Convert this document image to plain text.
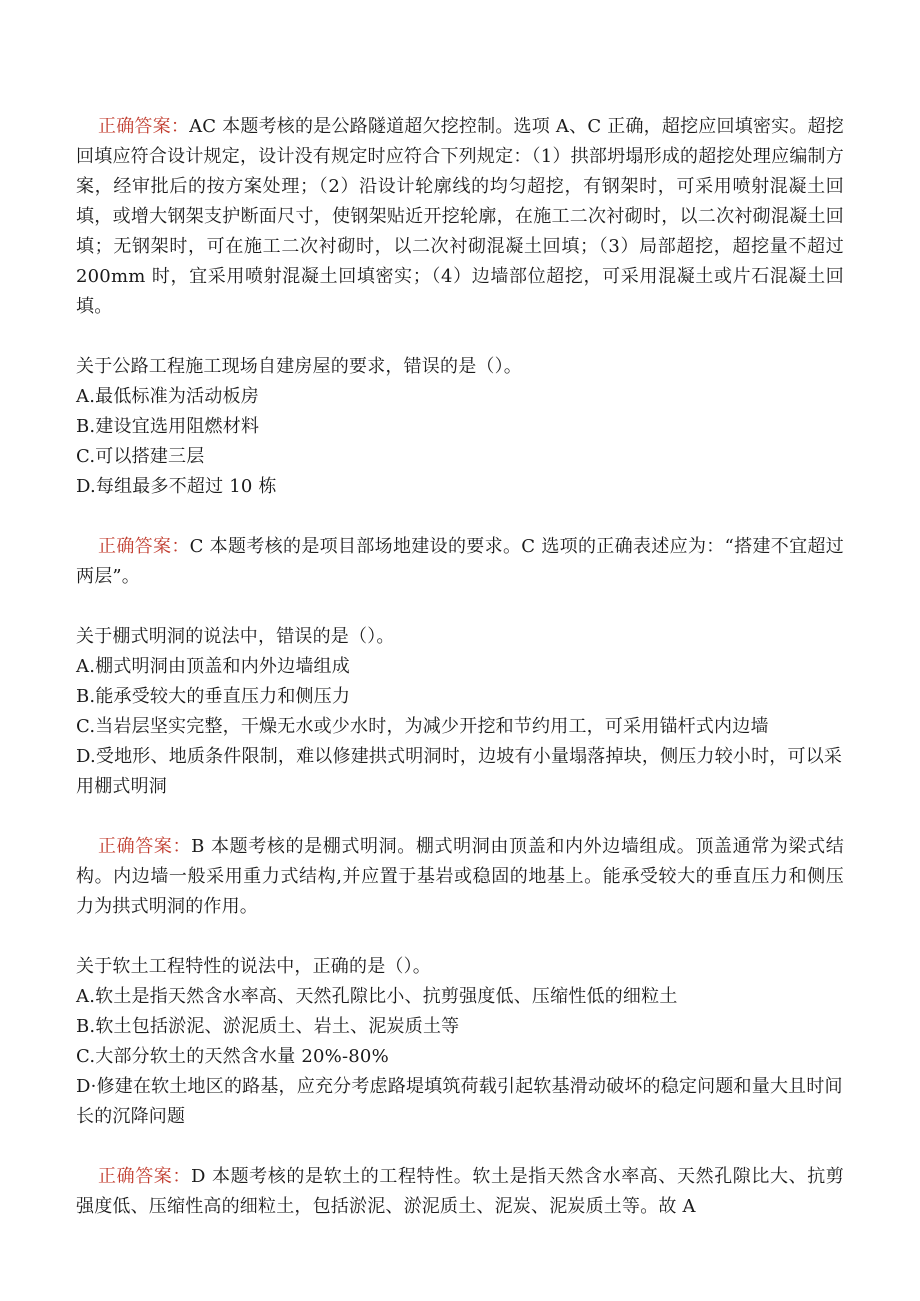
正确答案：AC 本题考核的是公路隧道超欠挖控制。选项 A、C 正确，超挖应回填密实。超挖回填应符合设计规定，设计没有规定时应符合下列规定：（1）拱部坍塌形成的超挖处理应编制方案，经审批后的按方案处理；（2）沿设计轮廓线的均匀超挖，有钢架时，可采用喷射混凝土回填，或增大钢架支护断面尺寸，使钢架贴近开挖轮廓，在施工二次衬砌时，以二次衬砌混凝土回填；无钢架时，可在施工二次衬砌时，以二次衬砌混凝土回填；（3）局部超挖，超挖量不超过 200mm 时，宜采用喷射混凝土回填密实；（4）边墙部位超挖，可采用混凝土或片石混凝土回填。

关于公路工程施工现场自建房屋的要求，错误的是（）。
A.最低标准为活动板房
B.建设宜选用阻燃材料
C.可以搭建三层
D.每组最多不超过 10 栋

正确答案：C 本题考核的是项目部场地建设的要求。C 选项的正确表述应为：“搭建不宜超过两层”。

关于棚式明洞的说法中，错误的是（）。
A.棚式明洞由顶盖和内外边墙组成
B.能承受较大的垂直压力和侧压力
C.当岩层坚实完整，干燥无水或少水时，为减少开挖和节约用工，可采用锚杆式内边墙
D.受地形、地质条件限制，难以修建拱式明洞时，边坡有小量塌落掉块，侧压力较小时，可以采用棚式明洞

正确答案：B 本题考核的是棚式明洞。棚式明洞由顶盖和内外边墙组成。顶盖通常为梁式结构。内边墙一般采用重力式结构,并应置于基岩或稳固的地基上。能承受较大的垂直压力和侧压力为拱式明洞的作用。

关于软土工程特性的说法中，正确的是（）。
A.软土是指天然含水率高、天然孔隙比小、抗剪强度低、压缩性低的细粒土
B.软土包括淤泥、淤泥质土、岩土、泥炭质土等
C.大部分软土的天然含水量 20%-80%
D·修建在软土地区的路基，应充分考虑路堤填筑荷载引起软基滑动破坏的稳定问题和量大且时间长的沉降问题

正确答案：D 本题考核的是软土的工程特性。软土是指天然含水率高、天然孔隙比大、抗剪强度低、压缩性高的细粒土，包括淤泥、淤泥质土、泥炭、泥炭质土等。故 A
